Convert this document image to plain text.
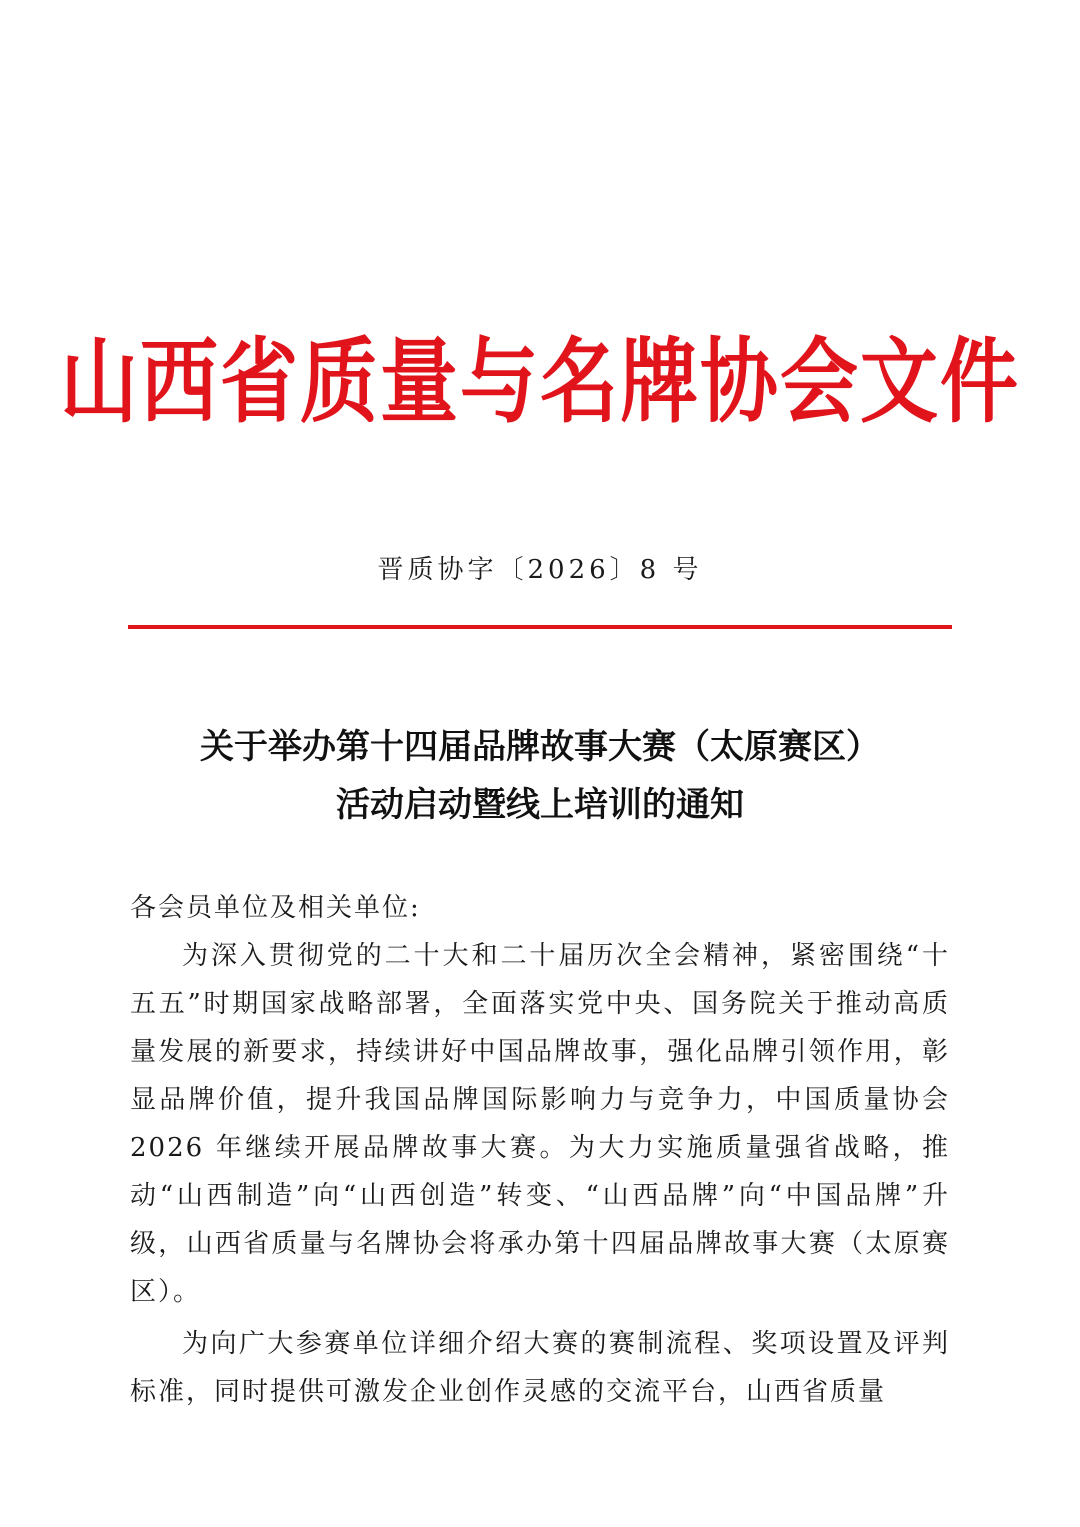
山西省质量与名牌协会文件
晋质协字〔2026〕8 号
关于举办第十四届品牌故事大赛（太原赛区）
活动启动暨线上培训的通知

各会员单位及相关单位:

为深入贯彻党的二十大和二十届历次全会精神，紧密围绕“十五五”时期国家战略部署，全面落实党中央、国务院关于推动高质量发展的新要求，持续讲好中国品牌故事，强化品牌引领作用，彰显品牌价值，提升我国品牌国际影响力与竞争力，中国质量协会 2026 年继续开展品牌故事大赛。为大力实施质量强省战略，推动“山西制造”向“山西创造”转变、“山西品牌”向“中国品牌”升级，山西省质量与名牌协会将承办第十四届品牌故事大赛（太原赛区）。

为向广大参赛单位详细介绍大赛的赛制流程、奖项设置及评判标准，同时提供可激发企业创作灵感的交流平台，山西省质量
